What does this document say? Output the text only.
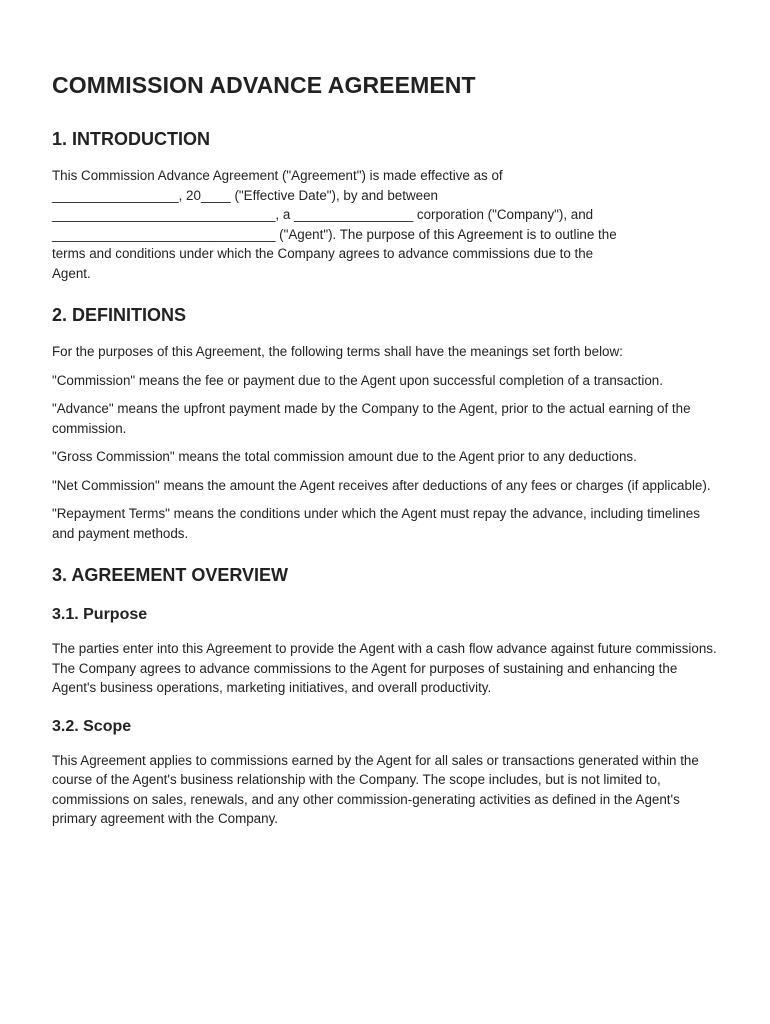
COMMISSION ADVANCE AGREEMENT
1. INTRODUCTION

This Commission Advance Agreement ("Agreement") is made effective as of
_________________, 20____ ("Effective Date"), by and between
______________________________, a ________________ corporation ("Company"), and
______________________________ ("Agent"). The purpose of this Agreement is to outline the
terms and conditions under which the Company agrees to advance commissions due to the
Agent.

2. DEFINITIONS

For the purposes of this Agreement, the following terms shall have the meanings set forth below:

"Commission" means the fee or payment due to the Agent upon successful completion of a transaction.

"Advance" means the upfront payment made by the Company to the Agent, prior to the actual earning of the commission.

"Gross Commission" means the total commission amount due to the Agent prior to any deductions.

"Net Commission" means the amount the Agent receives after deductions of any fees or charges (if applicable).

"Repayment Terms" means the conditions under which the Agent must repay the advance, including timelines and payment methods.

3. AGREEMENT OVERVIEW
3.1. Purpose

The parties enter into this Agreement to provide the Agent with a cash flow advance against future commissions. The Company agrees to advance commissions to the Agent for purposes of sustaining and enhancing the Agent's business operations, marketing initiatives, and overall productivity.

3.2. Scope

This Agreement applies to commissions earned by the Agent for all sales or transactions generated within the course of the Agent's business relationship with the Company. The scope includes, but is not limited to, commissions on sales, renewals, and any other commission-generating activities as defined in the Agent's primary agreement with the Company.
